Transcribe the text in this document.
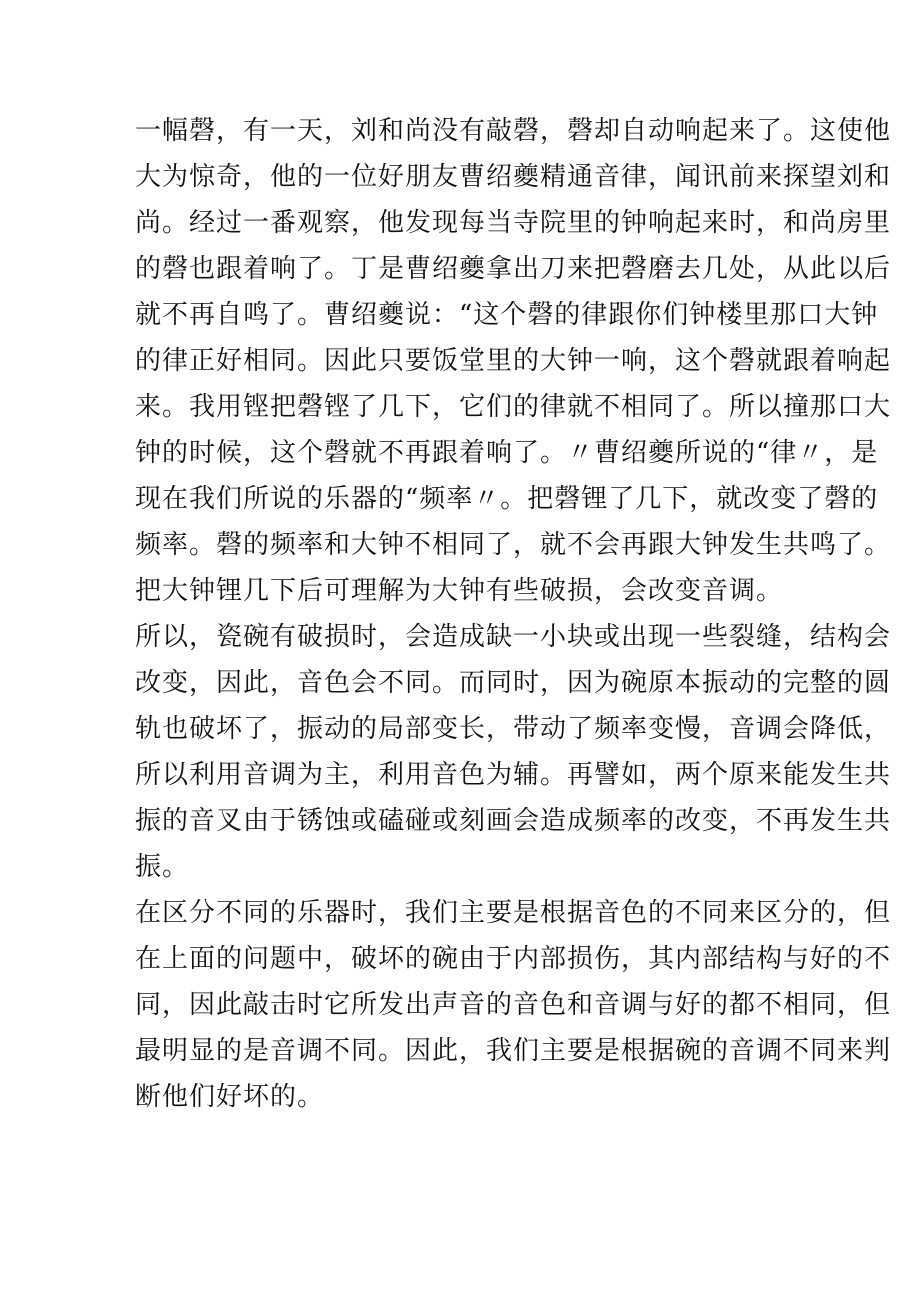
一幅磬，有一天，刘和尚没有敲磬，磬却自动响起来了。这使他
大为惊奇，他的一位好朋友曹绍夔精通音律，闻讯前来探望刘和
尚。经过一番观察，他发现每当寺院里的钟响起来时，和尚房里
的磬也跟着响了。丁是曹绍夔拿出刀来把磬磨去几处，从此以后
就不再自鸣了。曹绍夔说：“这个磬的律跟你们钟楼里那口大钟
的律正好相同。因此只要饭堂里的大钟一响，这个磬就跟着响起
来。我用铿把磬铿了几下，它们的律就不相同了。所以撞那口大
钟的时候，这个磬就不再跟着响了。〃曹绍夔所说的“律〃，是
现在我们所说的乐器的“频率〃。把磬锂了几下，就改变了磬的
频率。磬的频率和大钟不相同了，就不会再跟大钟发生共鸣了。
把大钟锂几下后可理解为大钟有些破损，会改变音调。
所以，瓷碗有破损时，会造成缺一小块或出现一些裂缝，结构会
改变，因此，音色会不同。而同时，因为碗原本振动的完整的圆
轨也破坏了，振动的局部变长，带动了频率变慢，音调会降低，
所以利用音调为主，利用音色为辅。再譬如，两个原来能发生共
振的音叉由于锈蚀或磕碰或刻画会造成频率的改变，不再发生共
振。
在区分不同的乐器时，我们主要是根据音色的不同来区分的，但
在上面的问题中，破坏的碗由于内部损伤，其内部结构与好的不
同，因此敲击时它所发出声音的音色和音调与好的都不相同，但
最明显的是音调不同。因此，我们主要是根据碗的音调不同来判
断他们好坏的。
